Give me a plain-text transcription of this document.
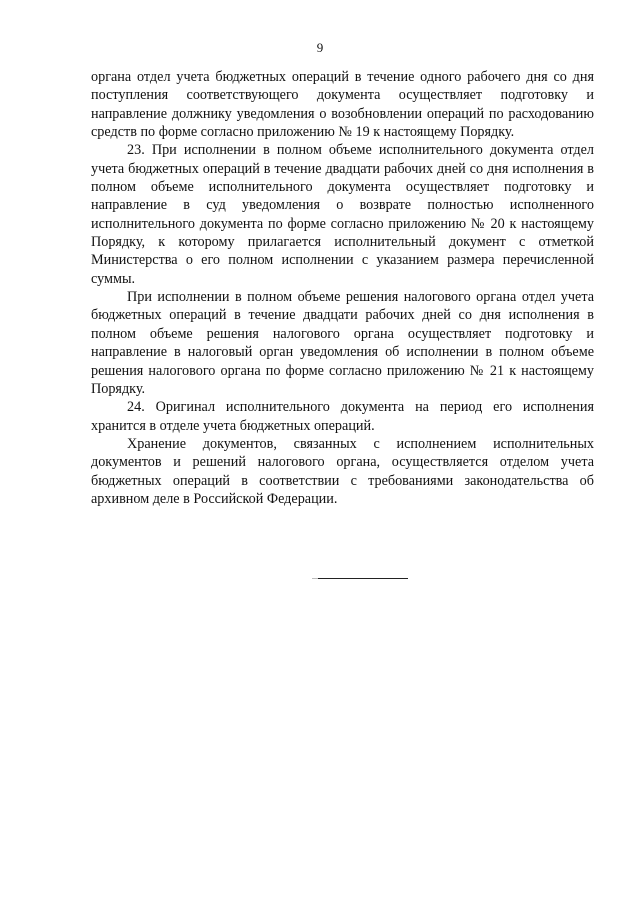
9

органа отдел учета бюджетных операций в течение одного рабочего дня со дня поступления соответствующего документа осуществляет подготовку и направление должнику уведомления о возобновлении операций по расходованию средств по форме согласно приложению № 19 к настоящему Порядку.

23. При исполнении в полном объеме исполнительного документа отдел учета бюджетных операций в течение двадцати рабочих дней со дня исполнения в полном объеме исполнительного документа осуществляет подготовку и направление в суд уведомления о возврате полностью исполненного исполнительного документа по форме согласно приложению № 20 к настоящему Порядку, к которому прилагается исполнительный документ с отметкой Министерства о его полном исполнении с указанием размера перечисленной суммы.

При исполнении в полном объеме решения налогового органа отдел учета бюджетных операций в течение двадцати рабочих дней со дня исполнения в полном объеме решения налогового органа осуществляет подготовку и направление в налоговый орган уведомления об исполнении в полном объеме решения налогового органа по форме согласно приложению № 21 к настоящему Порядку.

24. Оригинал исполнительного документа на период его исполнения хранится в отделе учета бюджетных операций.

Хранение документов, связанных с исполнением исполнительных документов и решений налогового органа, осуществляется отделом учета бюджетных операций в соответствии с требованиями законодательства об архивном деле в Российской Федерации.
